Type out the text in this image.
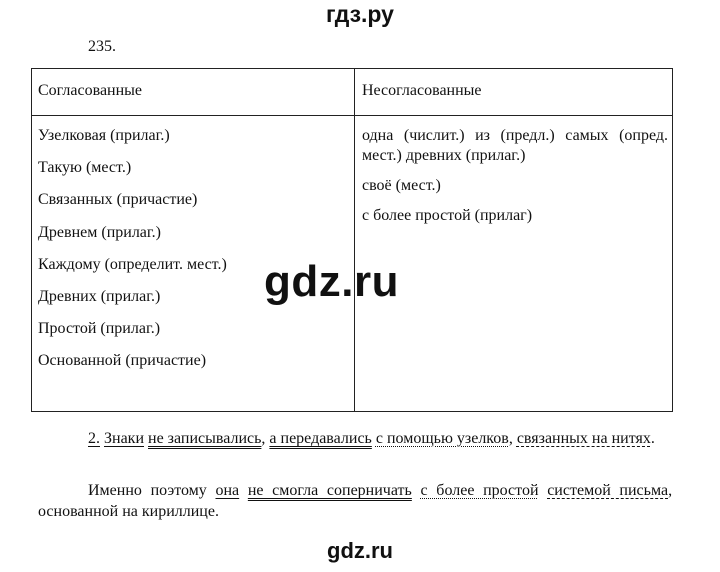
гдз.ру
235.
Согласованные	Несогласованные
Узелковая (прилаг.)
Такую (мест.)
Связанных (причастие)
Древнем (прилаг.)
Каждому (определит. мест.)
Древних (прилаг.)
Простой (прилаг.)
Основанной (причастие)

одна (числит.) из (предл.) самых (опред. мест.) древних (прилаг.)

своё (мест.)

с более простой (прилаг)

gdz.ru
2. Знаки не записывались, а передавались с помощью узелков, связанных на нитях.
Именно поэтому она не смогла соперничать с более простой системой письма, основанной на кириллице.
gdz.ru
